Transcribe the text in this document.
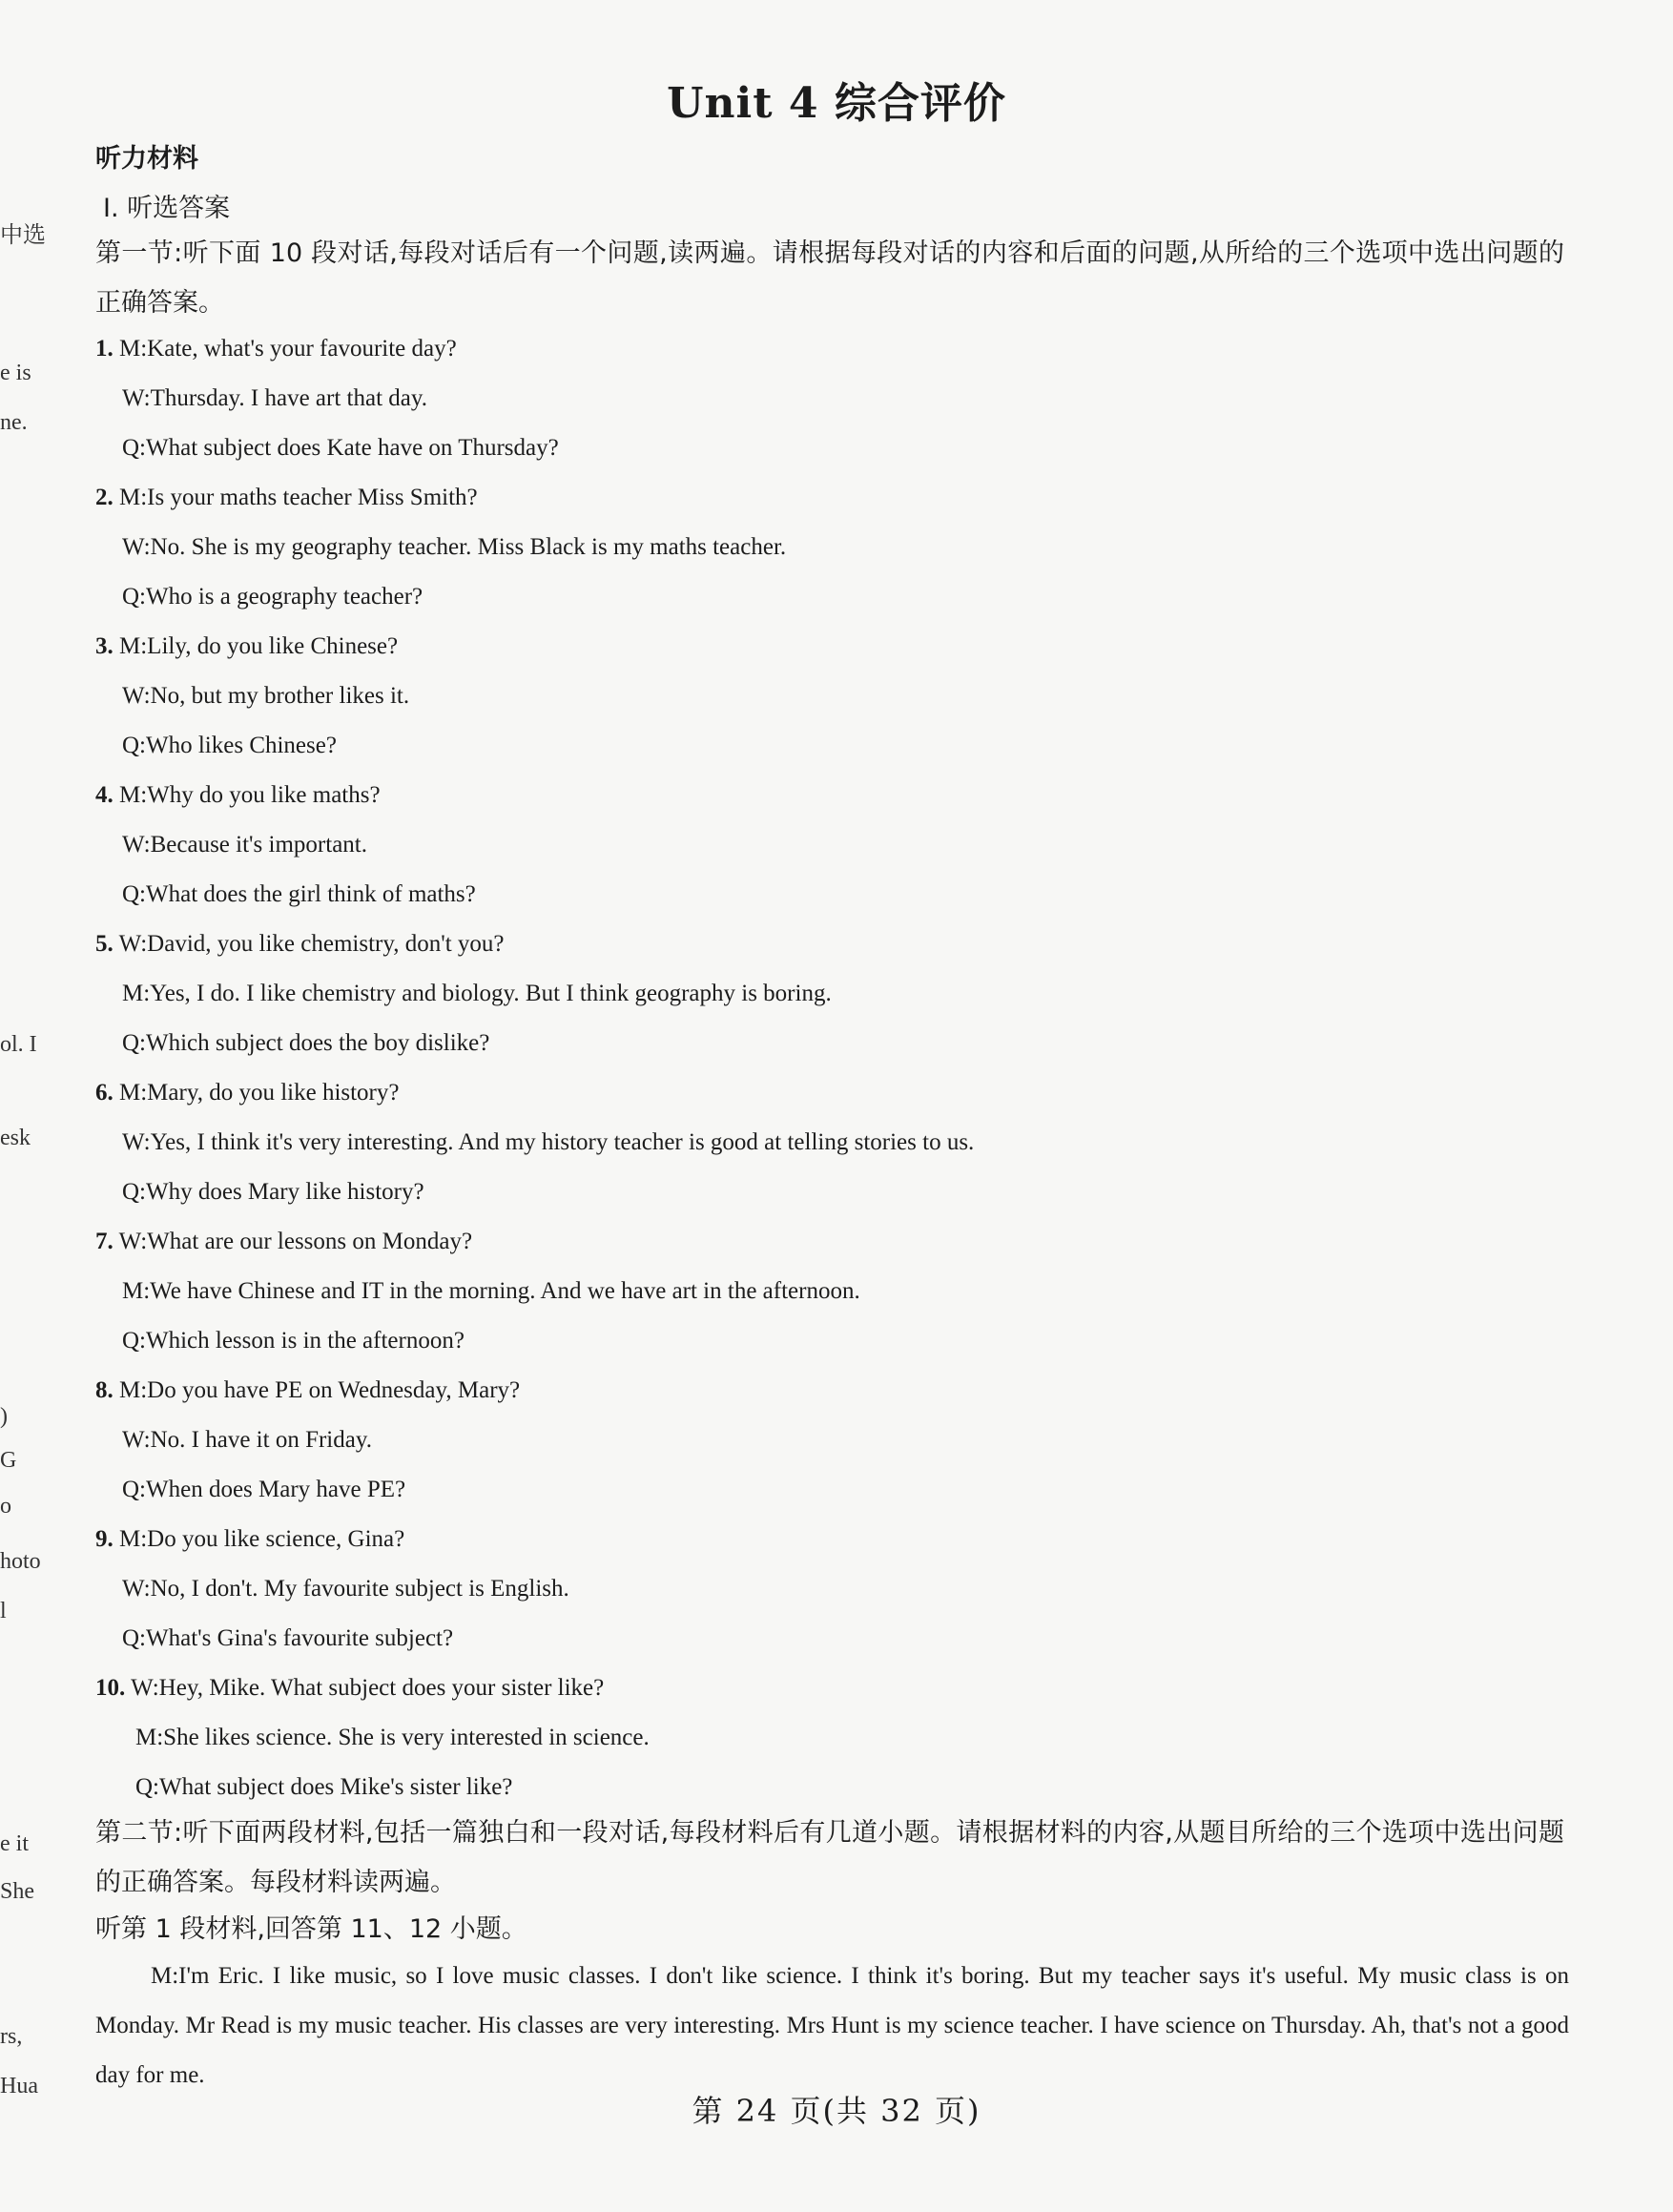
中选
e is
ne.
ol. I
esk
)
G
o
hoto
l
e it
She
rs,
Hua
Unit 4 综合评价
听力材料
Ⅰ. 听选答案
第一节:听下面 10 段对话,每段对话后有一个问题,读两遍。请根据每段对话的内容和后面的问题,从所给的三个选项中选出问题的正确答案。
1. M:Kate, what's your favourite day?
W:Thursday. I have art that day.
Q:What subject does Kate have on Thursday?
2. M:Is your maths teacher Miss Smith?
W:No. She is my geography teacher. Miss Black is my maths teacher.
Q:Who is a geography teacher?
3. M:Lily, do you like Chinese?
W:No, but my brother likes it.
Q:Who likes Chinese?
4. M:Why do you like maths?
W:Because it's important.
Q:What does the girl think of maths?
5. W:David, you like chemistry, don't you?
M:Yes, I do. I like chemistry and biology. But I think geography is boring.
Q:Which subject does the boy dislike?
6. M:Mary, do you like history?
W:Yes, I think it's very interesting. And my history teacher is good at telling stories to us.
Q:Why does Mary like history?
7. W:What are our lessons on Monday?
M:We have Chinese and IT in the morning. And we have art in the afternoon.
Q:Which lesson is in the afternoon?
8. M:Do you have PE on Wednesday, Mary?
W:No. I have it on Friday.
Q:When does Mary have PE?
9. M:Do you like science, Gina?
W:No, I don't. My favourite subject is English.
Q:What's Gina's favourite subject?
10. W:Hey, Mike. What subject does your sister like?
M:She likes science. She is very interested in science.
Q:What subject does Mike's sister like?
第二节:听下面两段材料,包括一篇独白和一段对话,每段材料后有几道小题。请根据材料的内容,从题目所给的三个选项中选出问题的正确答案。每段材料读两遍。
听第 1 段材料,回答第 11、12 小题。
M:I'm Eric. I like music, so I love music classes. I don't like science. I think it's boring. But my teacher says it's useful. My music class is on Monday. Mr Read is my music teacher. His classes are very interesting. Mrs Hunt is my science teacher. I have science on Thursday. Ah, that's not a good day for me.
第 24 页(共 32 页)
